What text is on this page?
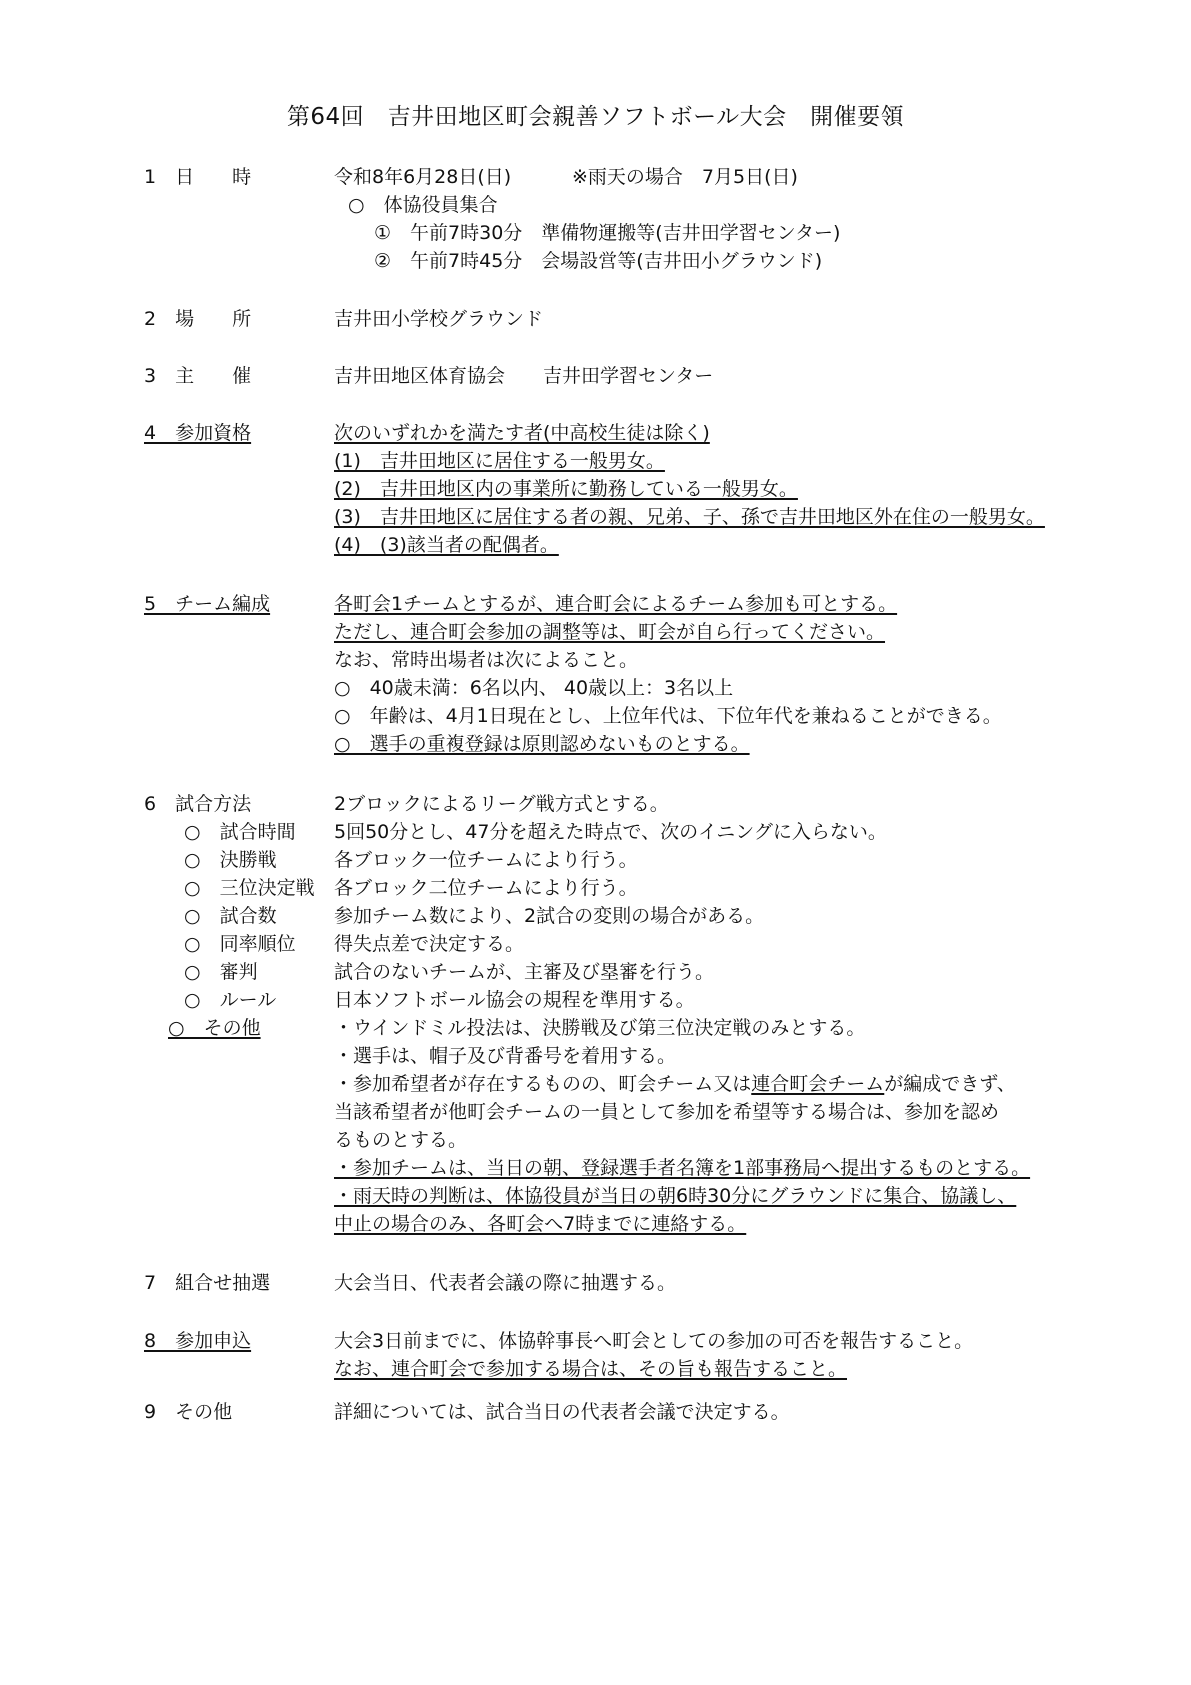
第64回　吉井田地区町会親善ソフトボール大会　開催要領
1　日　　時	令和8年6月28日(日)	※雨天の場合　7月5日(日)
○　体協役員集合
①　午前7時30分　準備物運搬等(吉井田学習センター)
②　午前7時45分　会場設営等(吉井田小グラウンド)
2　場　　所	吉井田小学校グラウンド
3　主　　催	吉井田地区体育協会　　吉井田学習センター
4　参加資格	次のいずれかを満たす者(中高校生徒は除く)
(1)　吉井田地区に居住する一般男女。
(2)　吉井田地区内の事業所に勤務している一般男女。
(3)　吉井田地区に居住する者の親、兄弟、子、孫で吉井田地区外在住の一般男女。
(4)　(3)該当者の配偶者。
5　チーム編成	各町会1チームとするが、連合町会によるチーム参加も可とする。
ただし、連合町会参加の調整等は、町会が自ら行ってください。
なお、常時出場者は次によること。
○　40歳未満：6名以内、 40歳以上：3名以上
○　年齢は、4月1日現在とし、上位年代は、下位年代を兼ねることができる。
○　選手の重複登録は原則認めないものとする。
6　試合方法	2ブロックによるリーグ戦方式とする。
○　試合時間 5回50分とし、47分を超えた時点で、次のイニングに入らない。
○　決勝戦	各ブロック一位チームにより行う。
○　三位決定戦 各ブロック二位チームにより行う。
○　試合数	参加チーム数により、2試合の変則の場合がある。
○　同率順位 得失点差で決定する。
○　審判	試合のないチームが、主審及び塁審を行う。
○　ルール	日本ソフトボール協会の規程を準用する。
○　その他	・ウインドミル投法は、決勝戦及び第三位決定戦のみとする。
・選手は、帽子及び背番号を着用する。
・参加希望者が存在するものの、町会チーム又は連合町会チームが編成できず、
当該希望者が他町会チームの一員として参加を希望等する場合は、参加を認め
るものとする。
・参加チームは、当日の朝、登録選手者名簿を1部事務局へ提出するものとする。
・雨天時の判断は、体協役員が当日の朝6時30分にグラウンドに集合、協議し、
中止の場合のみ、各町会へ7時までに連絡する。
7　組合せ抽選	大会当日、代表者会議の際に抽選する。
8　参加申込	大会3日前までに、体協幹事長へ町会としての参加の可否を報告すること。
なお、連合町会で参加する場合は、その旨も報告すること。
9　その他	詳細については、試合当日の代表者会議で決定する。
